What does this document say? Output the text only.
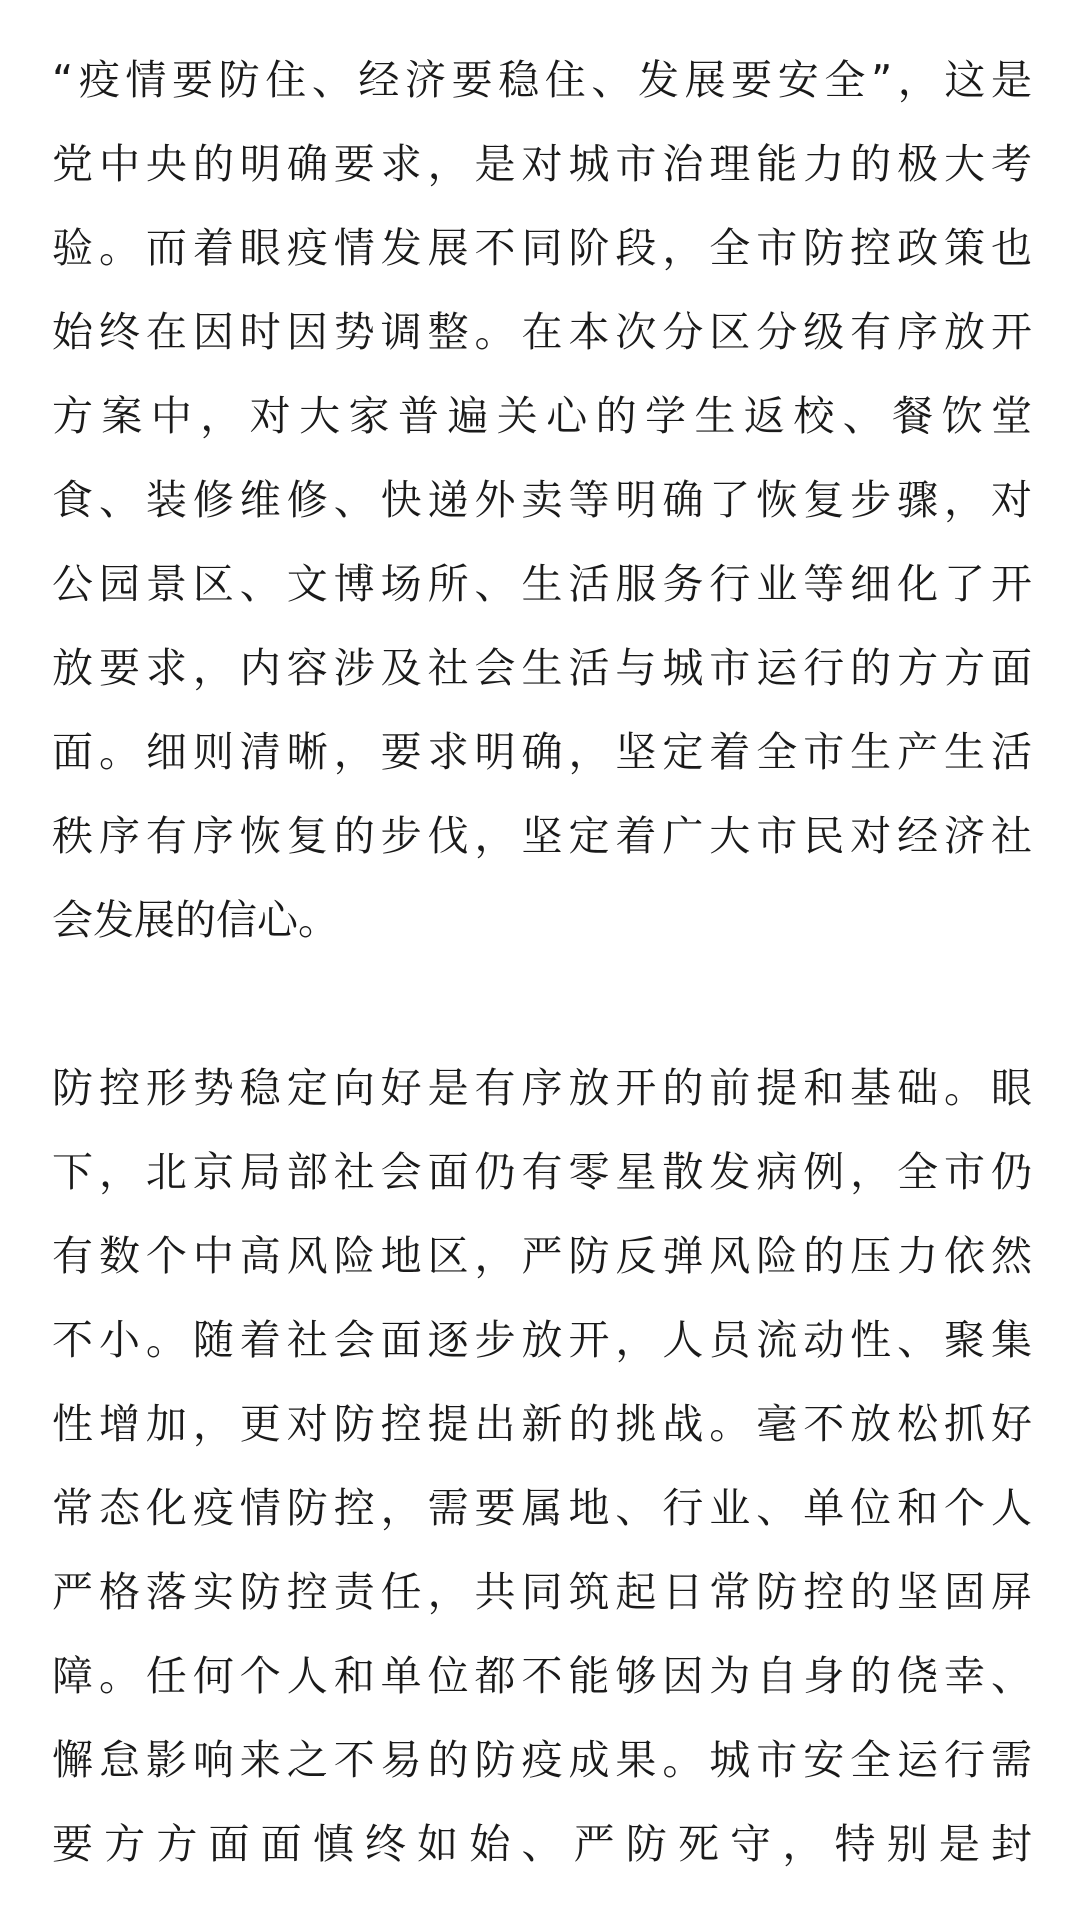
“疫情要防住、经济要稳住、发展要安全”，这是
党中央的明确要求，是对城市治理能力的极大考
验。而着眼疫情发展不同阶段，全市防控政策也
始终在因时因势调整。在本次分区分级有序放开
方案中，对大家普遍关心的学生返校、餐饮堂
食、装修维修、快递外卖等明确了恢复步骤，对
公园景区、文博场所、生活服务行业等细化了开
放要求，内容涉及社会生活与城市运行的方方面
面。细则清晰，要求明确，坚定着全市生产生活
秩序有序恢复的步伐，坚定着广大市民对经济社
会发展的信心。
防控形势稳定向好是有序放开的前提和基础。眼
下，北京局部社会面仍有零星散发病例，全市仍
有数个中高风险地区，严防反弹风险的压力依然
不小。随着社会面逐步放开，人员流动性、聚集
性增加，更对防控提出新的挑战。毫不放松抓好
常态化疫情防控，需要属地、行业、单位和个人
严格落实防控责任，共同筑起日常防控的坚固屏
障。任何个人和单位都不能够因为自身的侥幸、
懈怠影响来之不易的防疫成果。城市安全运行需
要方方面面慎终如始、严防死守，特别是封
